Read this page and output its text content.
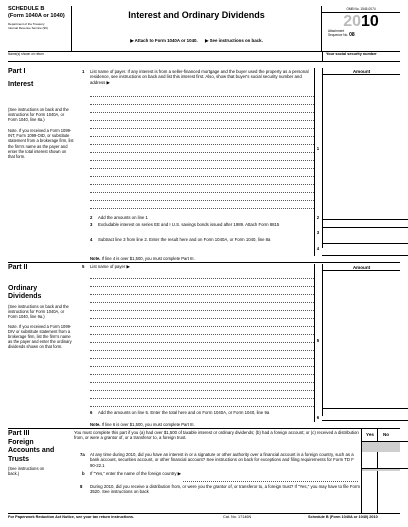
SCHEDULE B
(Form 1040A or 1040)
Department of the Treasury
Internal Revenue Service (99)
Interest and Ordinary Dividends
▶ Attach to Form 1040A or 1040. ▶ See instructions on back.
OMB No. 1545-0074
2010
Attachment
Sequence No. 08
Name(s) shown on return	Your social security number
Part I
Interest
(See instructions on back and the instructions for Form 1040A, or Form 1040, line 8a.)
Note. If you received a Form 1099-INT, Form 1099-OID, or substitute statement from a brokerage firm, list the firm's name as the payer and enter the total interest shown on that form.
1 List name of payer. If any interest is from a seller-financed mortgage and the buyer used the property as a personal residence, see instructions on back and list this interest first. Also, show that buyer's social security number and address ▶
Amount
1
2 Add the amounts on line 1	2
3 Excludable interest on series EE and I U.S. savings bonds issued after 1989. Attach Form 8815
3
4 Subtract line 3 from line 2. Enter the result here and on Form 1040A, or Form 1040, line 8a
4
Note. If line 4 is over $1,500, you must complete Part III.
Part II
Ordinary Dividends
(See instructions on back and the instructions for Form 1040A, or Form 1040, line 9a.)
Note. If you received a Form 1099-DIV or substitute statement from a brokerage firm, list the firm's name as the payer and enter the ordinary dividends shown on that form.
5 List name of payer ▶	Amount
5
6 Add the amounts on line 5. Enter the total here and on Form 1040A, or Form 1040, line 9a
6
Note. If line 6 is over $1,500, you must complete Part III.
Part III
Foreign Accounts and Trusts
(See instructions on back.)
You must complete this part if you (a) had over $1,500 of taxable interest or ordinary dividends; (b) had a foreign account; or (c) received a distribution from, or were a grantor of, or a transferor to, a foreign trust.
Yes	No
7a At any time during 2010, did you have an interest in or a signature or other authority over a financial account in a foreign country, such as a bank account, securities account, or other financial account? See instructions on back for exceptions and filing requirements for Form TD F 90-22.1
b If "Yes," enter the name of the foreign country ▶
8 During 2010, did you receive a distribution from, or were you the grantor of, or transferor to, a foreign trust? If "Yes," you may have to file Form 3520. See instructions on back
For Paperwork Reduction Act Notice, see your tax return instructions.	Cat. No. 17146N	Schedule B (Form 1040A or 1040) 2010
